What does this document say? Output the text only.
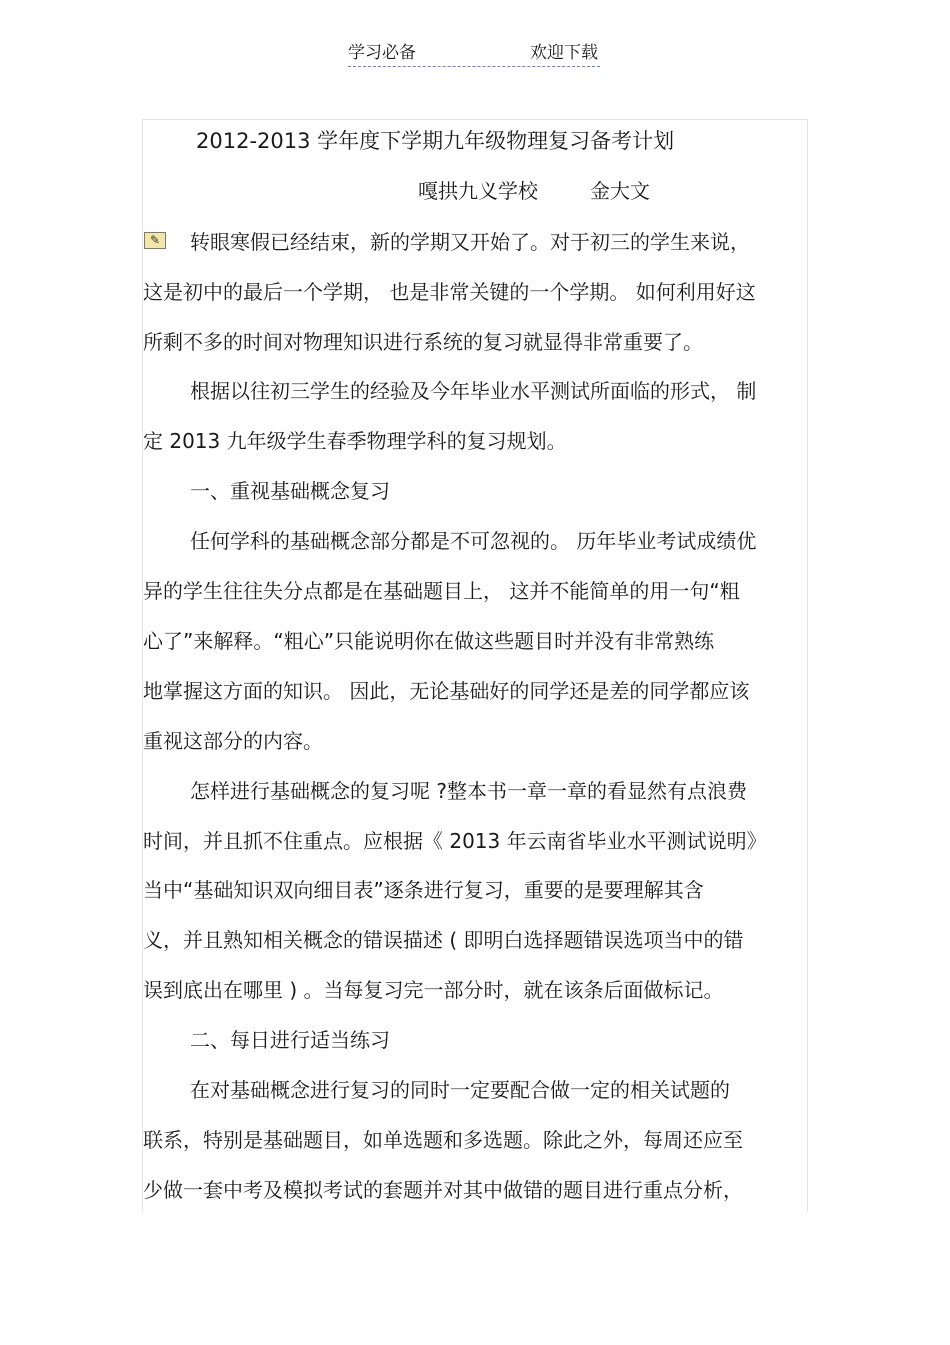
学习必备	欢迎下载
2012-2013 学年度下学期九年级物理复习备考计划
嘎拱九义学校	金大文
✎ 转眼寒假已经结束，新的学期又开始了。对于初三的学生来说，
这是初中的最后一个学期， 也是非常关键的一个学期。 如何利用好这
所剩不多的时间对物理知识进行系统的复习就显得非常重要了。
根据以往初三学生的经验及今年毕业水平测试所面临的形式， 制
定 2013 九年级学生春季物理学科的复习规划。
一、重视基础概念复习
任何学科的基础概念部分都是不可忽视的。 历年毕业考试成绩优
异的学生往往失分点都是在基础题目上， 这并不能简单的用一句“粗
心了”来解释。“粗心”只能说明你在做这些题目时并没有非常熟练
地掌握这方面的知识。 因此，无论基础好的同学还是差的同学都应该
重视这部分的内容。
怎样进行基础概念的复习呢 ?整本书一章一章的看显然有点浪费
时间，并且抓不住重点。应根据《 2013 年云南省毕业水平测试说明》
当中“基础知识双向细目表”逐条进行复习，重要的是要理解其含
义，并且熟知相关概念的错误描述 ( 即明白选择题错误选项当中的错
误到底出在哪里 ) 。当每复习完一部分时，就在该条后面做标记。
二、每日进行适当练习
在对基础概念进行复习的同时一定要配合做一定的相关试题的
联系，特别是基础题目，如单选题和多选题。除此之外，每周还应至
少做一套中考及模拟考试的套题并对其中做错的题目进行重点分析，
